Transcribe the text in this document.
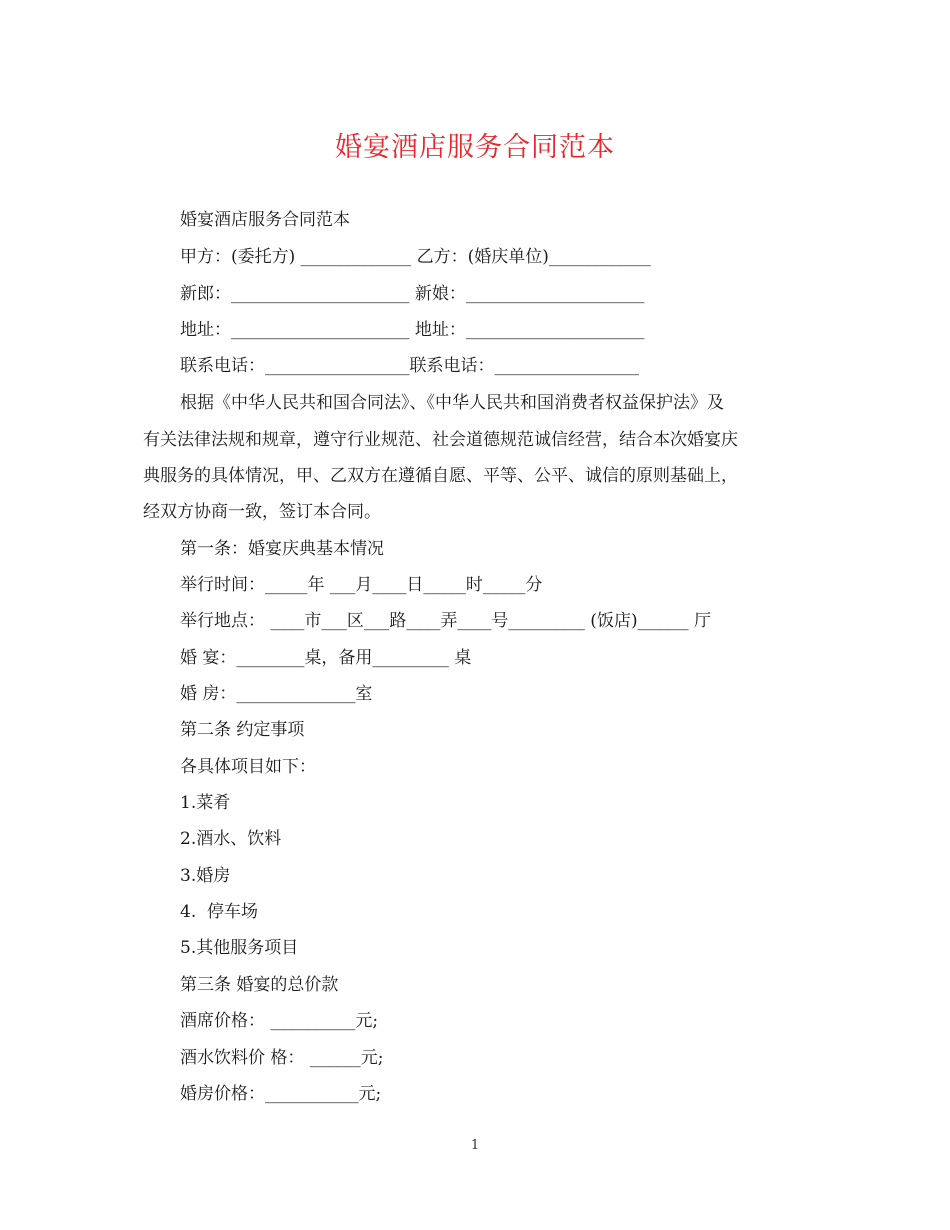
婚宴酒店服务合同范本
婚宴酒店服务合同范本
甲方：(委托方) _____________ 乙方：(婚庆单位)____________
新郎：_____________________ 新娘：_____________________
地址：_____________________ 地址：_____________________
联系电话：_________________联系电话：_________________
根据《中华人民共和国合同法》、《中华人民共和国消费者权益保护法》及
有关法律法规和规章，遵守行业规范、社会道德规范诚信经营，结合本次婚宴庆
典服务的具体情况，甲、乙双方在遵循自愿、平等、公平、诚信的原则基础上，
经双方协商一致，签订本合同。
第一条：婚宴庆典基本情况
举行时间：_____年 ___月____日_____时_____分
举行地点： ____市___区___路____弄____号_________ (饭店)______ 厅
婚 宴：________桌，备用_________ 桌
婚 房：______________室
第二条 约定事项
各具体项目如下：
1.菜肴
2.酒水、饮料
3.婚房
4.  停车场
5.其他服务项目
第三条 婚宴的总价款
酒席价格： __________元;
酒水饮料价 格： ______元;
婚房价格：___________元;
1
